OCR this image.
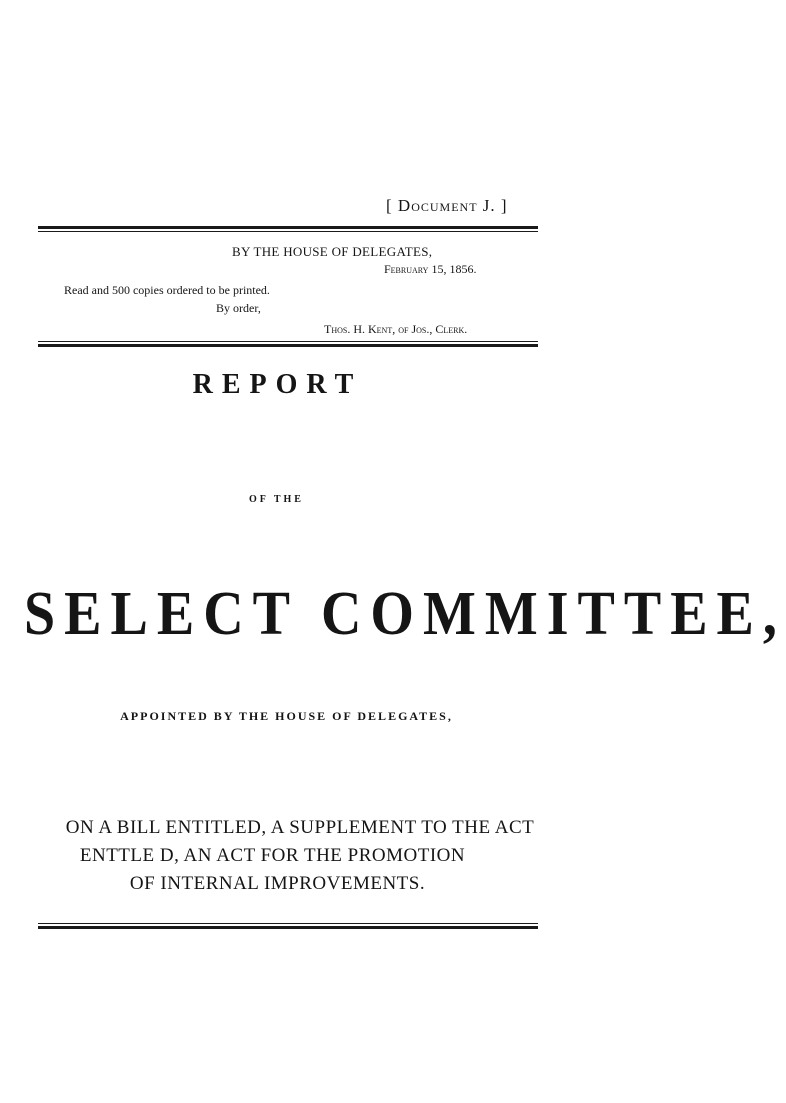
[ Document J. ]
BY THE HOUSE OF DELEGATES,
February 15, 1856.
Read and 500 copies ordered to be printed.
By order,
Thos. H. Kent, of Jos., Clerk.
REPORT
OF THE
SELECT COMMITTEE,
APPOINTED BY THE HOUSE OF DELEGATES,
ON A BILL ENTITLED, A SUPPLEMENT TO THE ACT
ENTTLE D, AN ACT FOR THE PROMOTION
OF INTERNAL IMPROVEMENTS.
